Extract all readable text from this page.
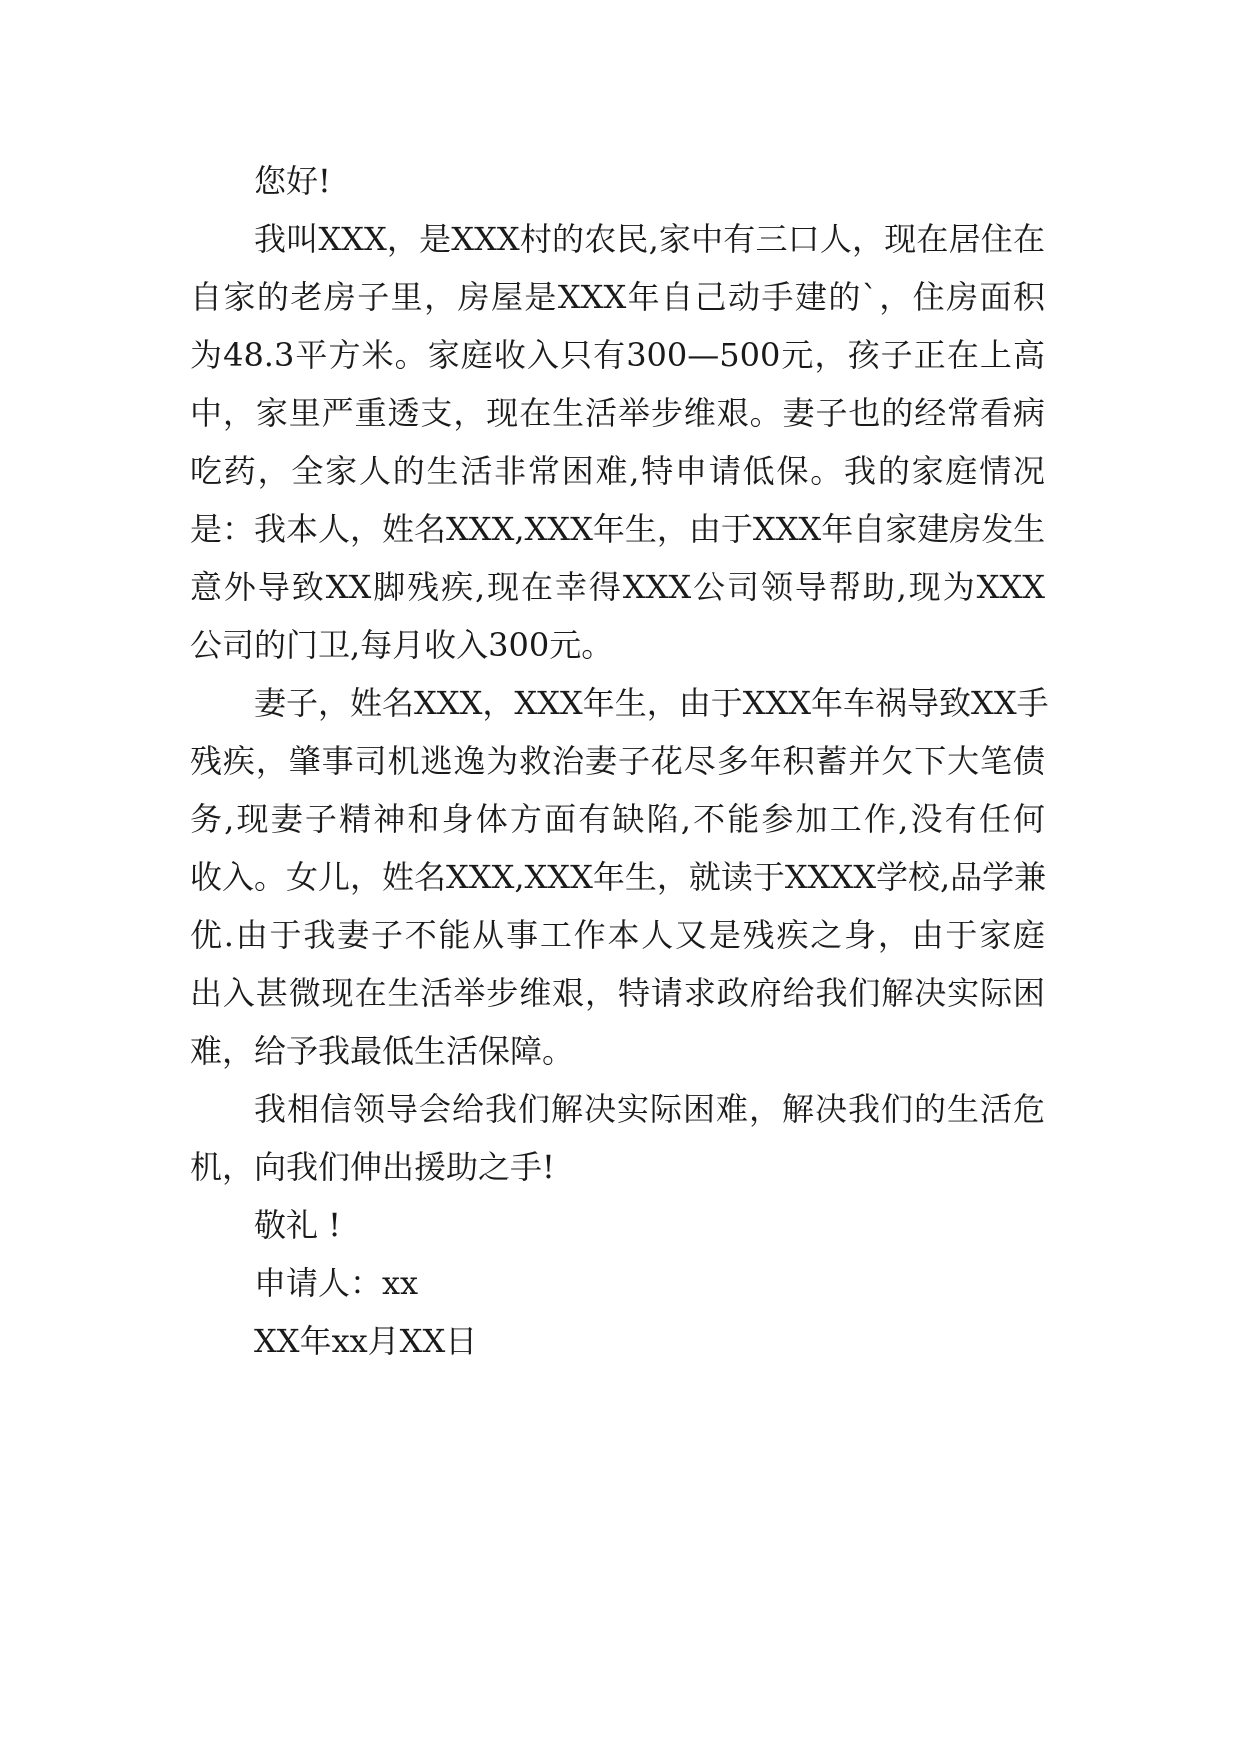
您好!
我叫XXX，是XXX村的农民,家中有三口人，现在居住在
自家的老房子里，房屋是XXX年自己动手建的`，住房面积
为48.3平方米。家庭收入只有300—500元，孩子正在上高
中，家里严重透支，现在生活举步维艰。妻子也的经常看病
吃药，全家人的生活非常困难,特申请低保。我的家庭情况
是：我本人，姓名XXX,XXX年生，由于XXX年自家建房发生
意外导致XX脚残疾,现在幸得XXX公司领导帮助,现为XXX
公司的门卫,每月收入300元。
妻子，姓名XXX，XXX年生，由于XXX年车祸导致XX手
残疾，肇事司机逃逸为救治妻子花尽多年积蓄并欠下大笔债
务,现妻子精神和身体方面有缺陷,不能参加工作,没有任何
收入。女儿，姓名XXX,XXX年生，就读于XXXX学校,品学兼
优.由于我妻子不能从事工作本人又是残疾之身，由于家庭
出入甚微现在生活举步维艰，特请求政府给我们解决实际困
难，给予我最低生活保障。
我相信领导会给我们解决实际困难，解决我们的生活危
机，向我们伸出援助之手!
敬礼 !
申请人：xx
XX年xx月XX日
